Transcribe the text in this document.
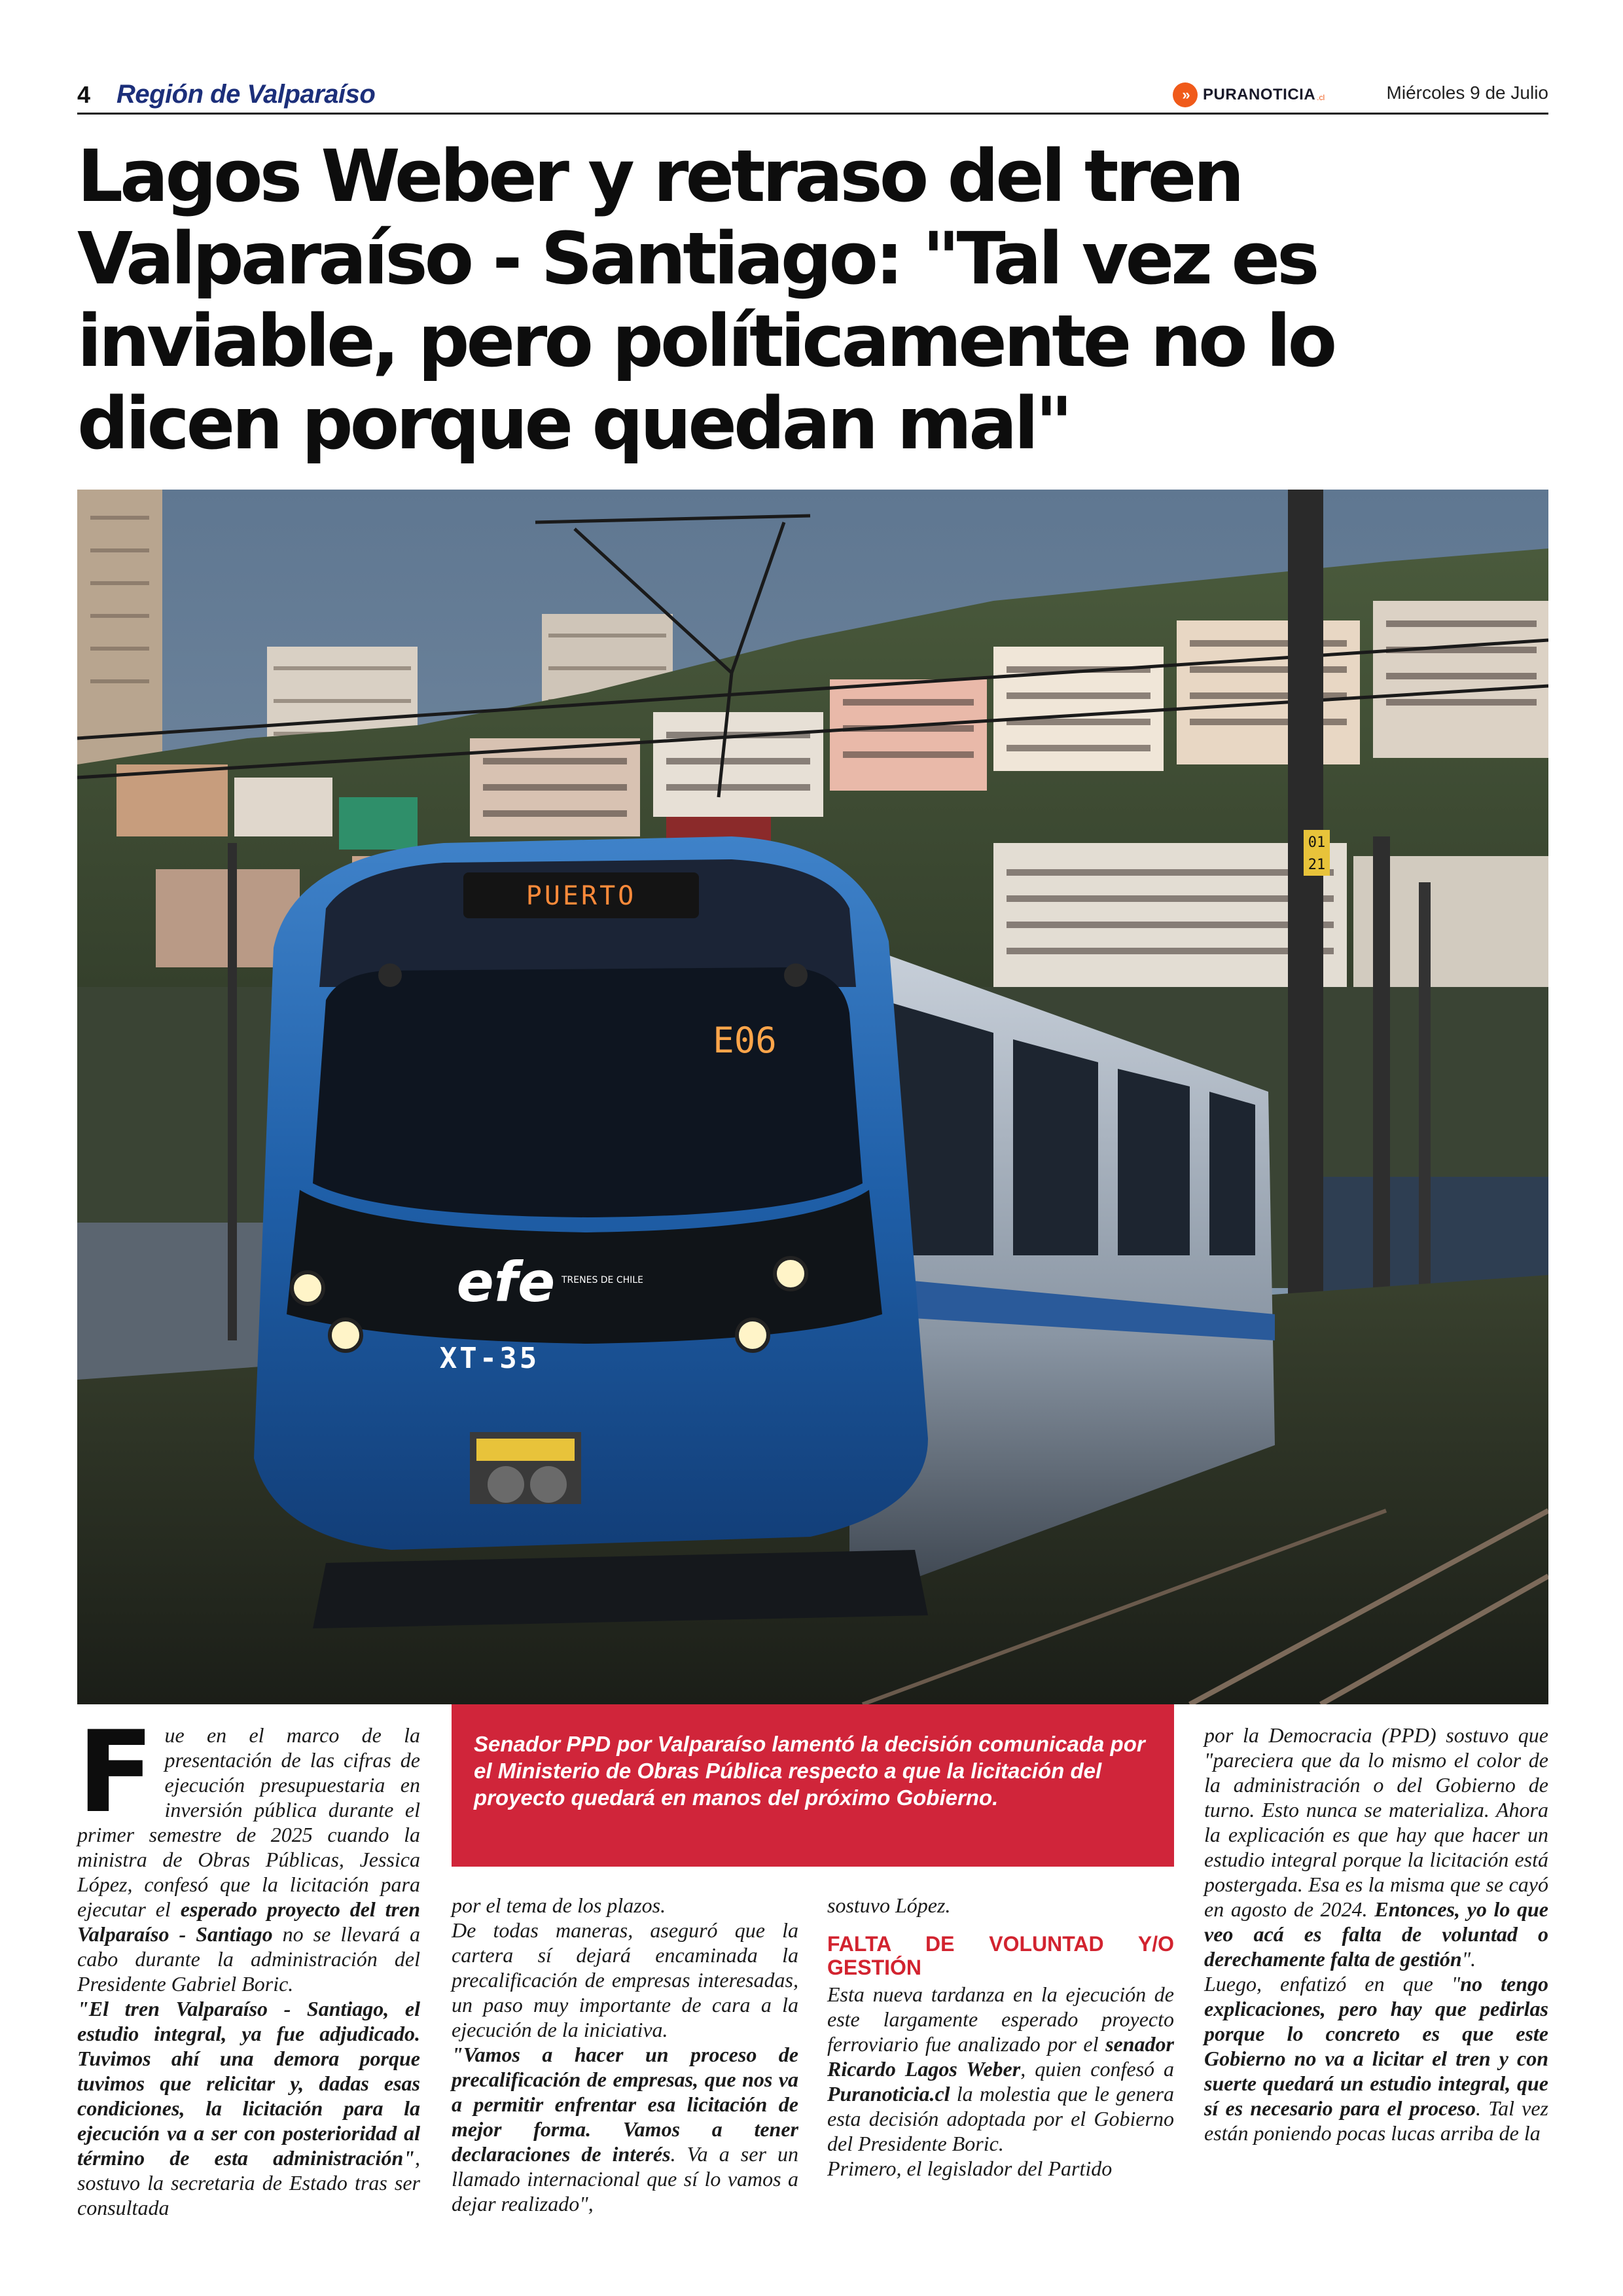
4 Región de Valparaíso	» PURANOTICIA .cl	Miércoles 9 de Julio
Lagos Weber y retraso del tren Valparaíso - Santiago: "Tal vez es inviable, pero políticamente no lo dicen porque quedan mal"
01
21
PUERTO
E06
efe TRENES DE CHILE
XT-35
F ue en el marco de la presentación de las cifras de ejecución presupuestaria en inversión pública durante el primer semestre de 2025 cuando la ministra de Obras Públicas, Jessica López, confesó que la licitación para ejecutar el esperado proyecto del tren Valparaíso - Santiago no se llevará a cabo durante la administración del Presidente Gabriel Boric.
"El tren Valparaíso - Santiago, el estudio integral, ya fue adjudicado. Tuvimos ahí una demora porque tuvimos que relicitar y, dadas esas condiciones, la licitación para la ejecución va a ser con posterioridad al término de esta administración", sostuvo la secretaria de Estado tras ser consultada

Senador PPD por Valparaíso lamentó la decisión comunicada por el Ministerio de Obras Pública respecto a que la licitación del proyecto quedará en manos del próximo Gobierno.

por el tema de los plazos.
De todas maneras, aseguró que la cartera sí dejará encaminada la precalificación de empresas interesadas, un paso muy importante de cara a la ejecución de la iniciativa.
"Vamos a hacer un proceso de precalificación de empresas, que nos va a permitir enfrentar esa licitación de mejor forma. Vamos a tener declaraciones de interés. Va a ser un llamado internacional que sí lo vamos a dejar realizado",
sostuvo López.
FALTA DE VOLUNTAD Y/O GESTIÓN
Esta nueva tardanza en la ejecución de este largamente esperado proyecto ferroviario fue analizado por el senador Ricardo Lagos Weber, quien confesó a Puranoticia.cl la molestia que le genera esta decisión adoptada por el Gobierno del Presidente Boric.
Primero, el legislador del Partido
por la Democracia (PPD) sostuvo que "pareciera que da lo mismo el color de la administración o del Gobierno de turno. Esto nunca se materializa. Ahora la explicación es que hay que hacer un estudio integral porque la licitación está postergada. Esa es la misma que se cayó en agosto de 2024. Entonces, yo lo que veo acá es falta de voluntad o derechamente falta de gestión".
Luego, enfatizó en que "no tengo explicaciones, pero hay que pedirlas porque lo concreto es que este Gobierno no va a licitar el tren y con suerte quedará un estudio integral, que sí es necesario para el proceso. Tal vez están poniendo pocas lucas arriba de la
